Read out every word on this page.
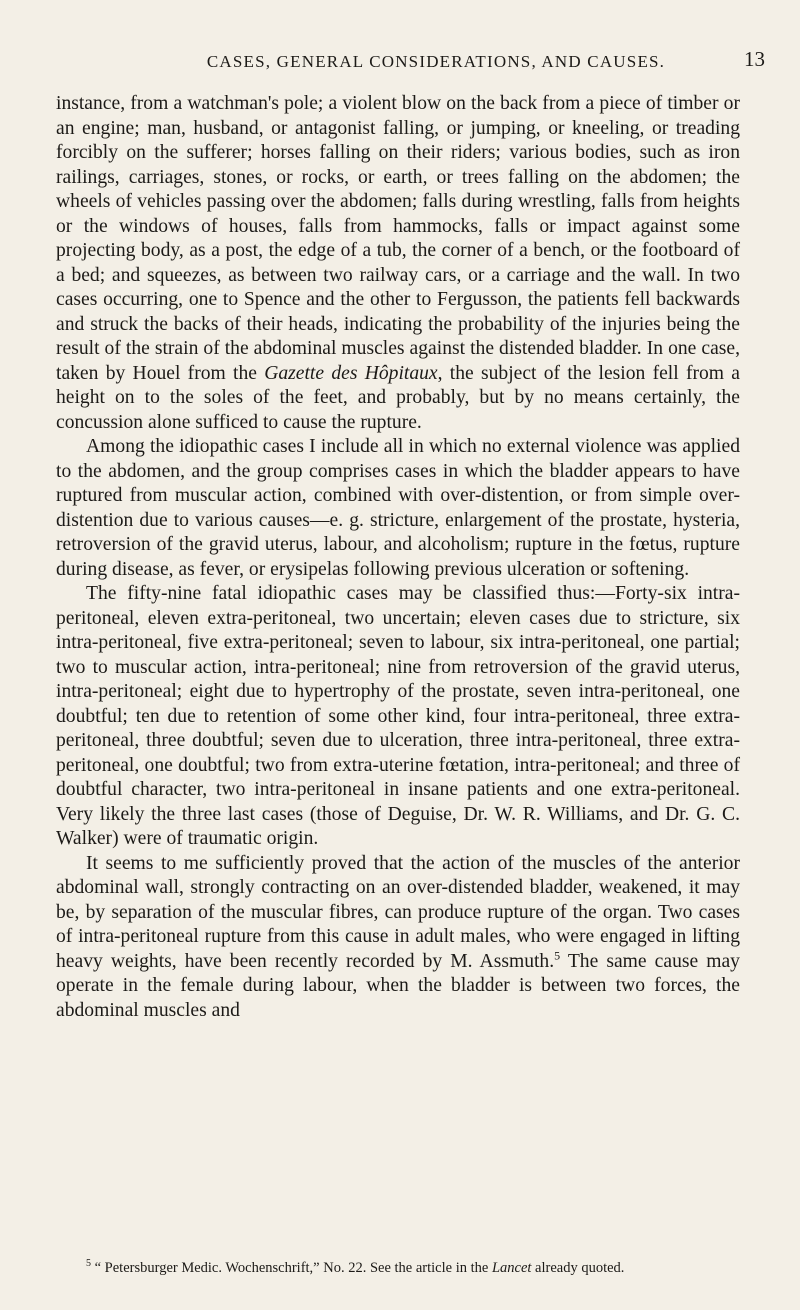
CASES, GENERAL CONSIDERATIONS, AND CAUSES.	13

instance, from a watchman's pole; a violent blow on the back from a piece of timber or an engine; man, husband, or antagonist falling, or jumping, or kneeling, or treading forcibly on the sufferer; horses falling on their riders; various bodies, such as iron railings, carriages, stones, or rocks, or earth, or trees falling on the abdomen; the wheels of vehicles passing over the abdomen; falls during wrestling, falls from heights or the windows of houses, falls from hammocks, falls or impact against some projecting body, as a post, the edge of a tub, the corner of a bench, or the footboard of a bed; and squeezes, as between two railway cars, or a carriage and the wall. In two cases occurring, one to Spence and the other to Fergusson, the patients fell backwards and struck the backs of their heads, indicating the probability of the injuries being the result of the strain of the abdominal muscles against the distended bladder. In one case, taken by Houel from the Gazette des Hôpitaux, the subject of the lesion fell from a height on to the soles of the feet, and probably, but by no means certainly, the concussion alone sufficed to cause the rupture.

Among the idiopathic cases I include all in which no external violence was applied to the abdomen, and the group comprises cases in which the bladder appears to have ruptured from muscular action, combined with over-distention, or from simple over-distention due to various causes—e. g. stricture, enlargement of the prostate, hysteria, retroversion of the gravid uterus, labour, and alcoholism; rupture in the fœtus, rupture during disease, as fever, or erysipelas following previous ulceration or softening.

The fifty-nine fatal idiopathic cases may be classified thus:—Forty-six intra-peritoneal, eleven extra-peritoneal, two uncertain; eleven cases due to stricture, six intra-peritoneal, five extra-peritoneal; seven to labour, six intra-peritoneal, one partial; two to muscular action, intra-peritoneal; nine from retroversion of the gravid uterus, intra-peritoneal; eight due to hypertrophy of the prostate, seven intra-peritoneal, one doubtful; ten due to retention of some other kind, four intra-peritoneal, three extra-peritoneal, three doubtful; seven due to ulceration, three intra-peritoneal, three extra-peritoneal, one doubtful; two from extra-uterine fœtation, intra-peritoneal; and three of doubtful character, two intra-peritoneal in insane patients and one extra-peritoneal. Very likely the three last cases (those of Deguise, Dr. W. R. Williams, and Dr. G. C. Walker) were of traumatic origin.

It seems to me sufficiently proved that the action of the muscles of the anterior abdominal wall, strongly contracting on an over-distended bladder, weakened, it may be, by separation of the muscular fibres, can produce rupture of the organ. Two cases of intra-peritoneal rupture from this cause in adult males, who were engaged in lifting heavy weights, have been recently recorded by M. Assmuth.$^5$ The same cause may operate in the female during labour, when the bladder is between two forces, the abdominal muscles and

$^5$ “ Petersburger Medic. Wochenschrift,” No. 22. See the article in the Lancet already quoted.
